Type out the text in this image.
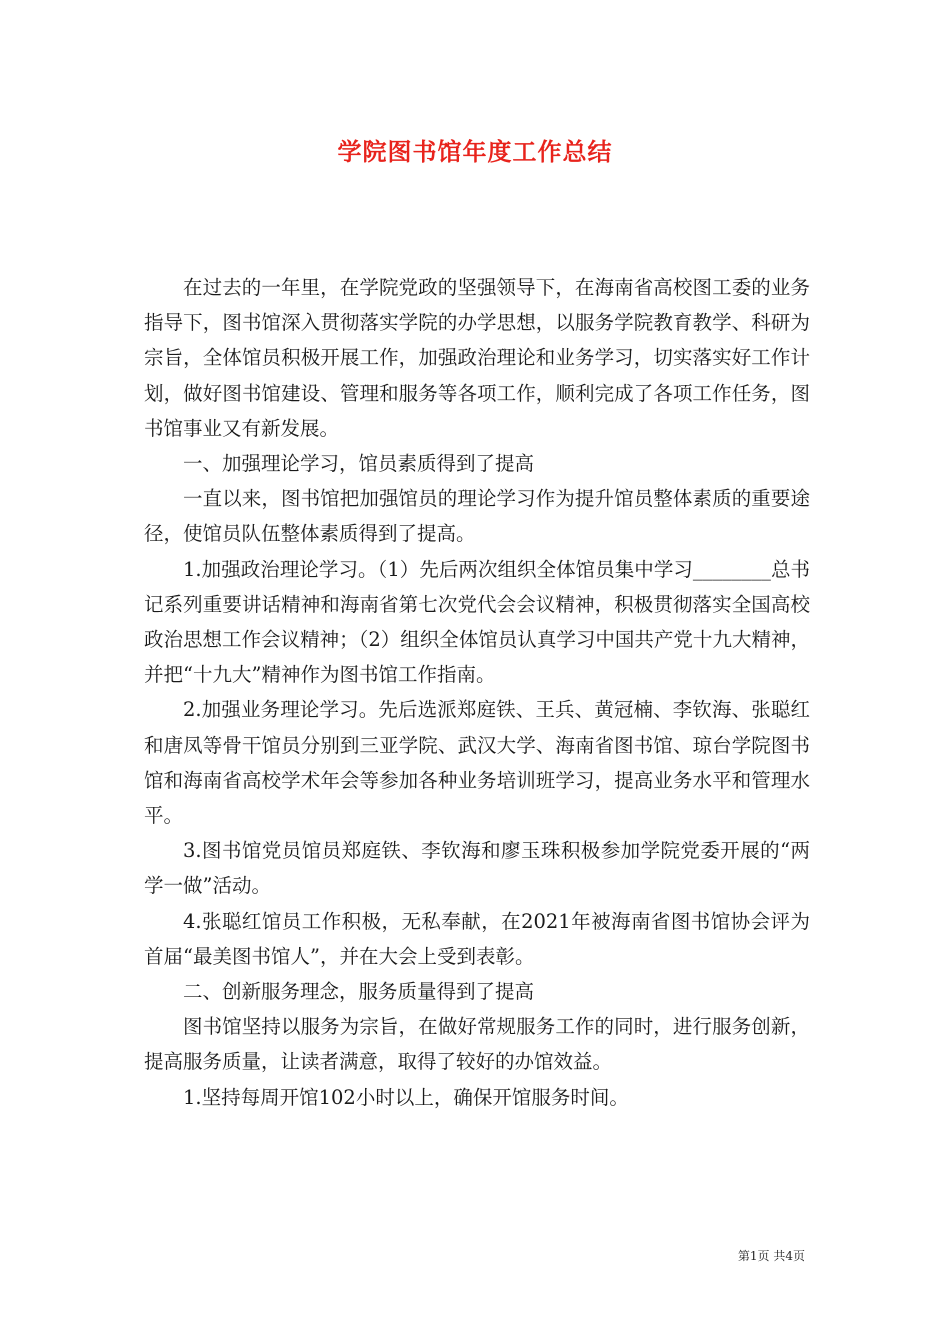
学院图书馆年度工作总结

在过去的一年里，在学院党政的坚强领导下，在海南省高校图工委的业务指导下，图书馆深入贯彻落实学院的办学思想，以服务学院教育教学、科研为宗旨，全体馆员积极开展工作，加强政治理论和业务学习，切实落实好工作计划，做好图书馆建设、管理和服务等各项工作，顺利完成了各项工作任务，图书馆事业又有新发展。

一、加强理论学习，馆员素质得到了提高

一直以来，图书馆把加强馆员的理论学习作为提升馆员整体素质的重要途径，使馆员队伍整体素质得到了提高。

1.加强政治理论学习。（1）先后两次组织全体馆员集中学习________总书记系列重要讲话精神和海南省第七次党代会会议精神，积极贯彻落实全国高校政治思想工作会议精神；（2）组织全体馆员认真学习中国共产党十九大精神，并把“十九大”精神作为图书馆工作指南。

2.加强业务理论学习。先后选派郑庭铁、王兵、黄冠楠、李钦海、张聪红和唐凤等骨干馆员分别到三亚学院、武汉大学、海南省图书馆、琼台学院图书馆和海南省高校学术年会等参加各种业务培训班学习，提高业务水平和管理水平。

3.图书馆党员馆员郑庭铁、李钦海和廖玉珠积极参加学院党委开展的“两学一做”活动。

4.张聪红馆员工作积极，无私奉献，在2021年被海南省图书馆协会评为首届“最美图书馆人”，并在大会上受到表彰。

二、创新服务理念，服务质量得到了提高

图书馆坚持以服务为宗旨，在做好常规服务工作的同时，进行服务创新，提高服务质量，让读者满意，取得了较好的办馆效益。

1.坚持每周开馆102小时以上，确保开馆服务时间。

第1页 共4页
